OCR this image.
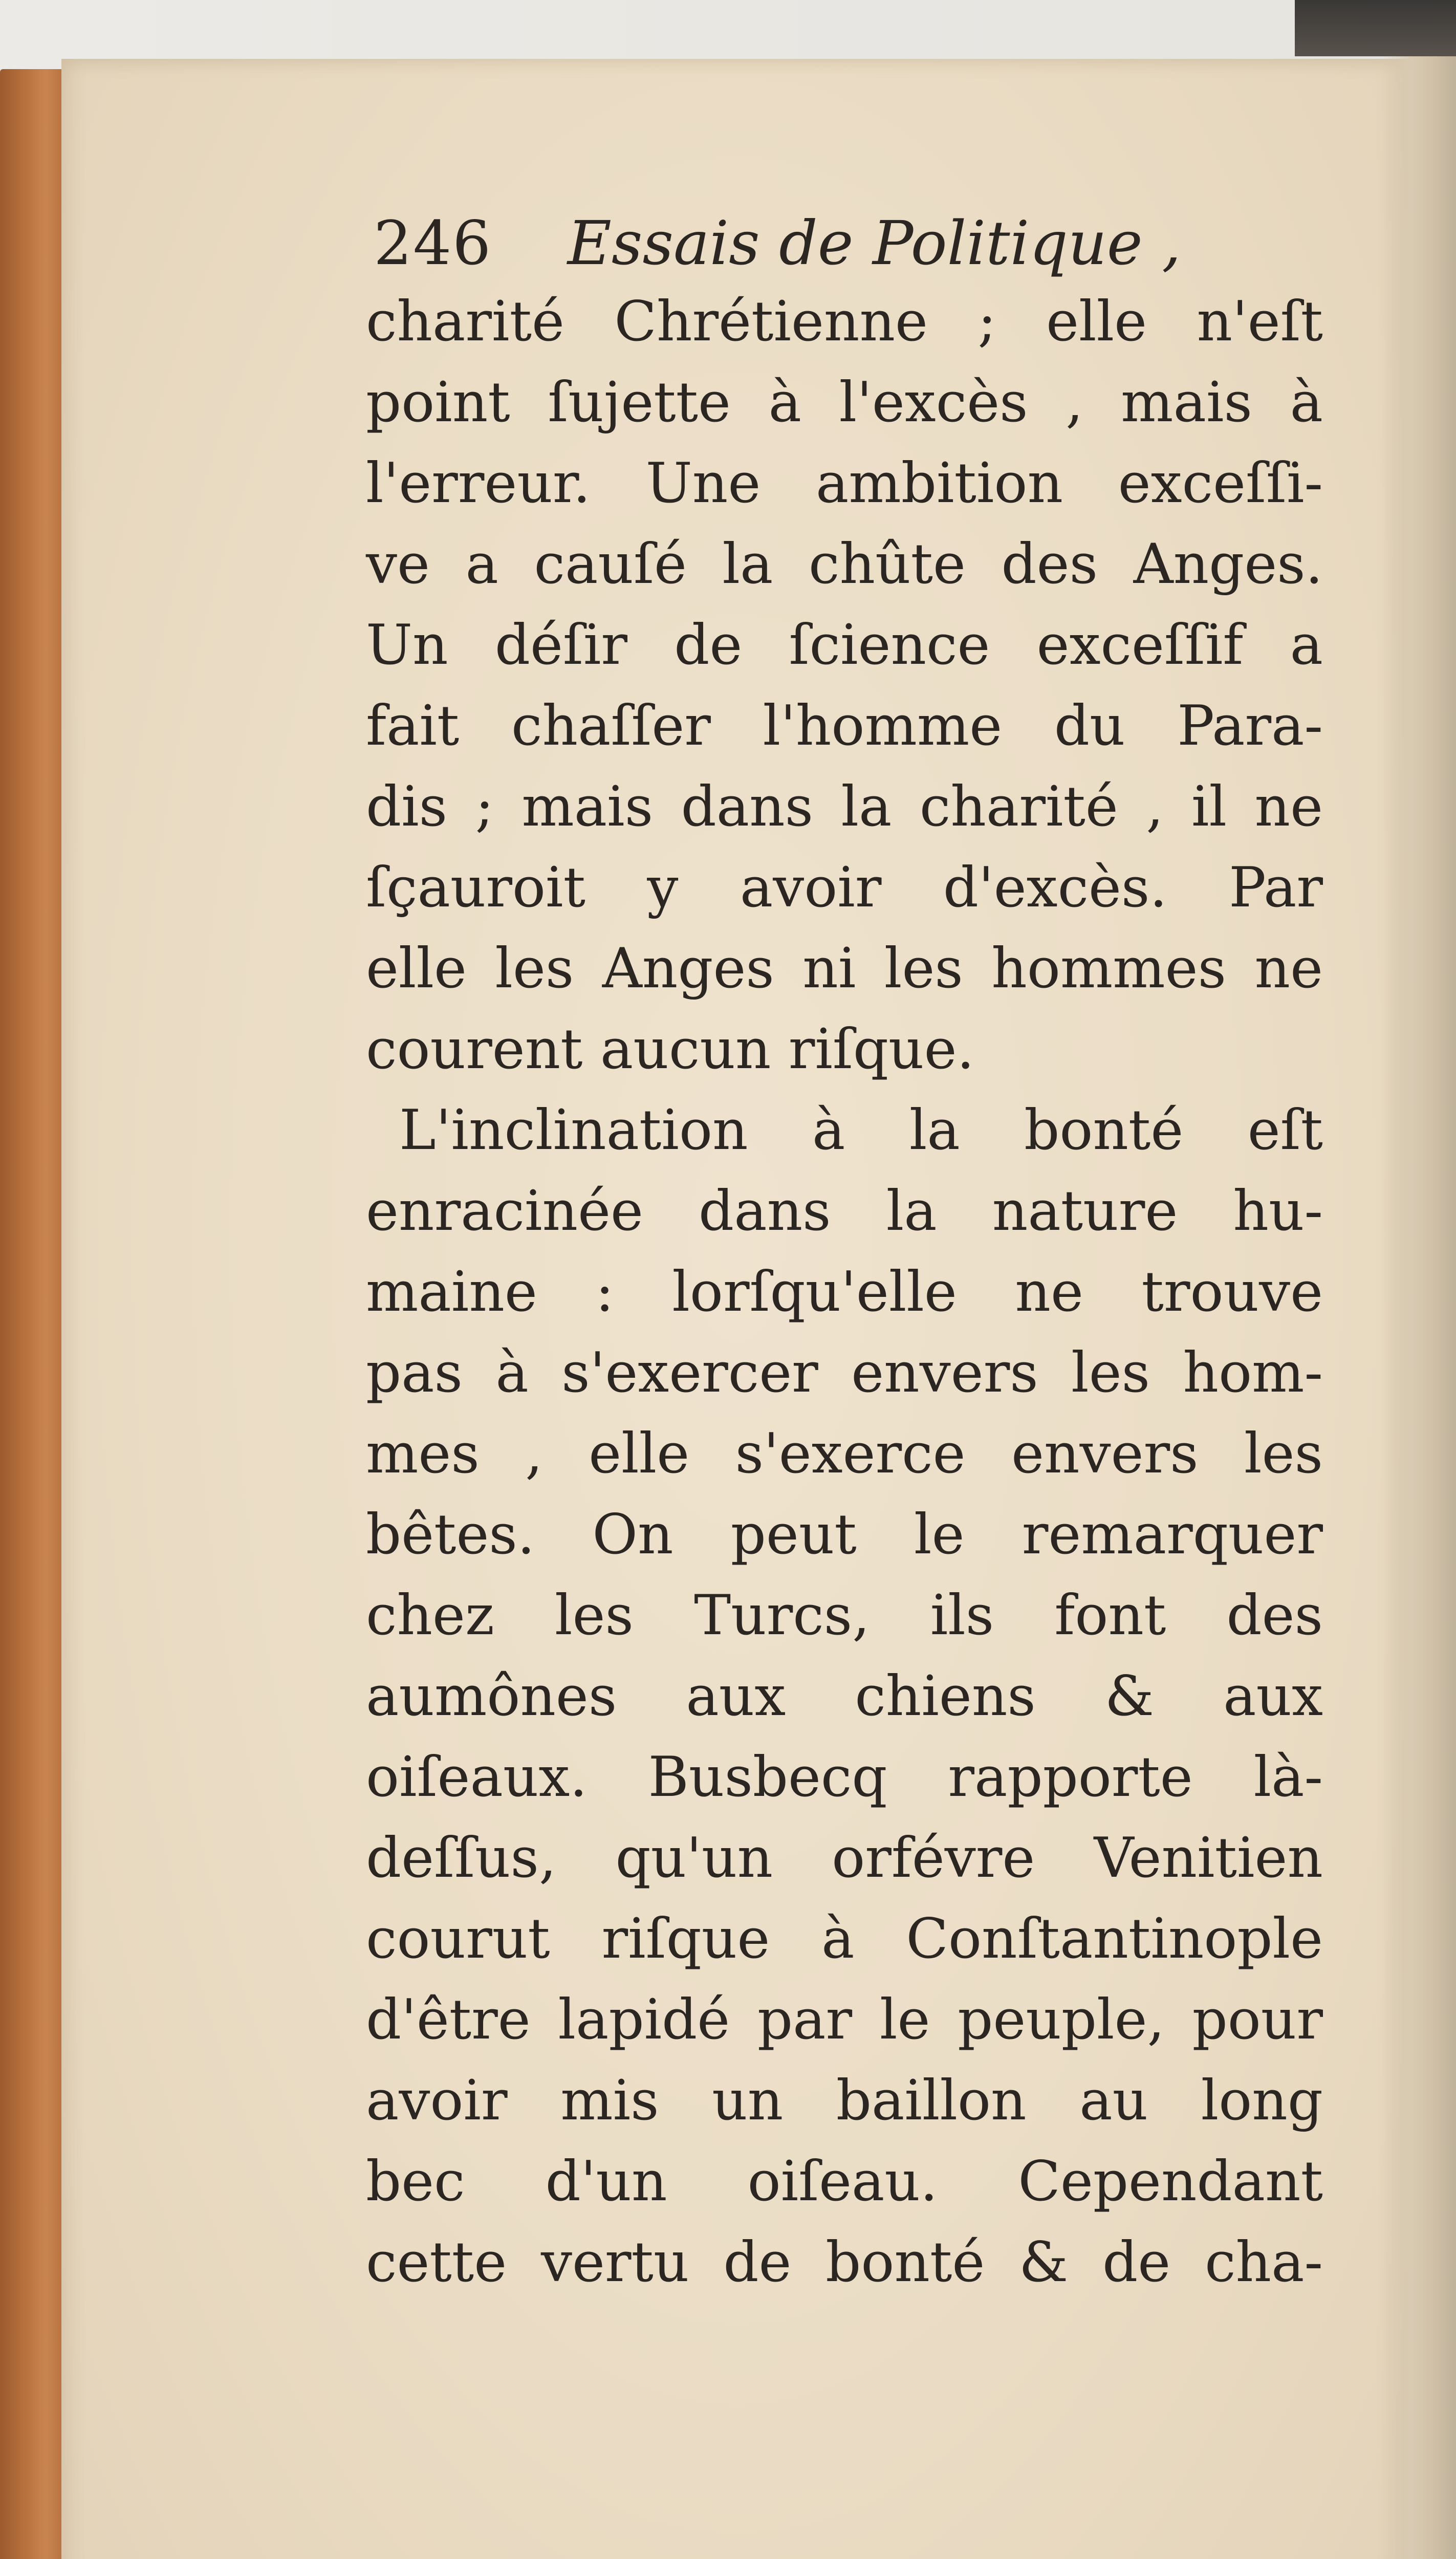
246 Essais de Politique ,
charité Chrétienne ; elle n'eſt
point ſujette à l'excès , mais à
l'erreur. Une ambition exceſſi-
ve a cauſé la chûte des Anges.
Un déſir de ſcience exceſſif a
fait chaſſer l'homme du Para-
dis ; mais dans la charité , il ne
ſçauroit y avoir d'excès. Par
elle les Anges ni les hommes ne
courent aucun riſque.
L'inclination à la bonté eſt
enracinée dans la nature hu-
maine : lorſqu'elle ne trouve
pas à s'exercer envers les hom-
mes , elle s'exerce envers les
bêtes. On peut le remarquer
chez les Turcs, ils font des
aumônes aux chiens & aux
oiſeaux. Busbecq rapporte là-
deſſus, qu'un orfévre Venitien
courut riſque à Conſtantinople
d'être lapidé par le peuple, pour
avoir mis un baillon au long
bec d'un oiſeau. Cependant
cette vertu de bonté & de cha-
